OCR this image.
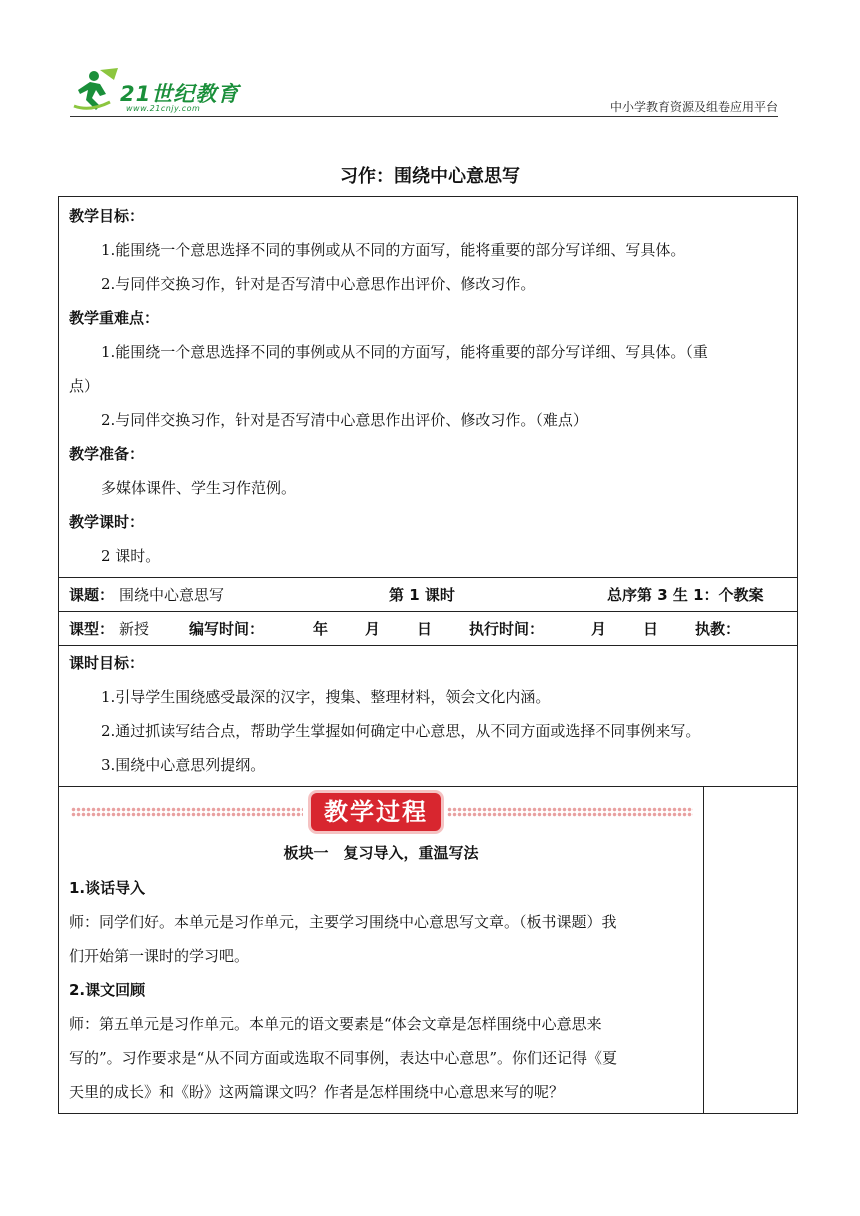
21世纪教育
www.21cnjy.com	中小学教育资源及组卷应用平台
习作：围绕中心意思写
教学目标：
1.能围绕一个意思选择不同的事例或从不同的方面写，能将重要的部分写详细、写具体。
2.与同伴交换习作，针对是否写清中心意思作出评价、修改习作。
教学重难点：
1.能围绕一个意思选择不同的事例或从不同的方面写，能将重要的部分写详细、写具体。（重
点）
2.与同伴交换习作，针对是否写清中心意思作出评价、修改习作。（难点）
教学准备：
多媒体课件、学生习作范例。
教学课时：
2 课时。
课题： 围绕中心意思写	第 1 课时	总序第 3 生 1：个教案
课型： 新授	编写时间：	年 月 日 执行时间：	月 日 执教：
课时目标：
1.引导学生围绕感受最深的汉字，搜集、整理材料，领会文化内涵。
2.通过抓读写结合点，帮助学生掌握如何确定中心意思，从不同方面或选择不同事例来写。
3.围绕中心意思列提纲。
教学过程
板块一　复习导入，重温写法
1.谈话导入
师：同学们好。本单元是习作单元，主要学习围绕中心意思写文章。（板书课题）我
们开始第一课时的学习吧。
2.课文回顾
师：第五单元是习作单元。本单元的语文要素是“体会文章是怎样围绕中心意思来
写的”。习作要求是“从不同方面或选取不同事例，表达中心意思”。你们还记得《夏
天里的成长》和《盼》这两篇课文吗？作者是怎样围绕中心意思来写的呢？
